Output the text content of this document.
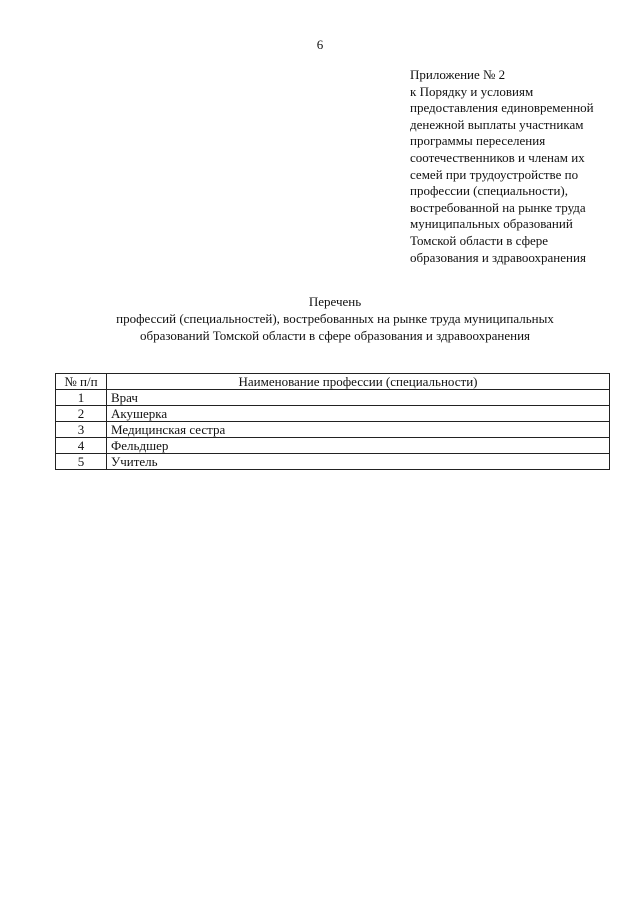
6
Приложение № 2
к Порядку и условиям
предоставления единовременной
денежной выплаты участникам
программы переселения
соотечественников и членам их
семей при трудоустройстве по
профессии (специальности),
востребованной на рынке труда
муниципальных образований
Томской области в сфере
образования и здравоохранения
Перечень
профессий (специальностей), востребованных на рынке труда муниципальных
образований Томской области в сфере образования и здравоохранения
№ п/п	Наименование профессии (специальности)
1	Врач
2	Акушерка
3	Медицинская сестра
4	Фельдшер
5	Учитель
